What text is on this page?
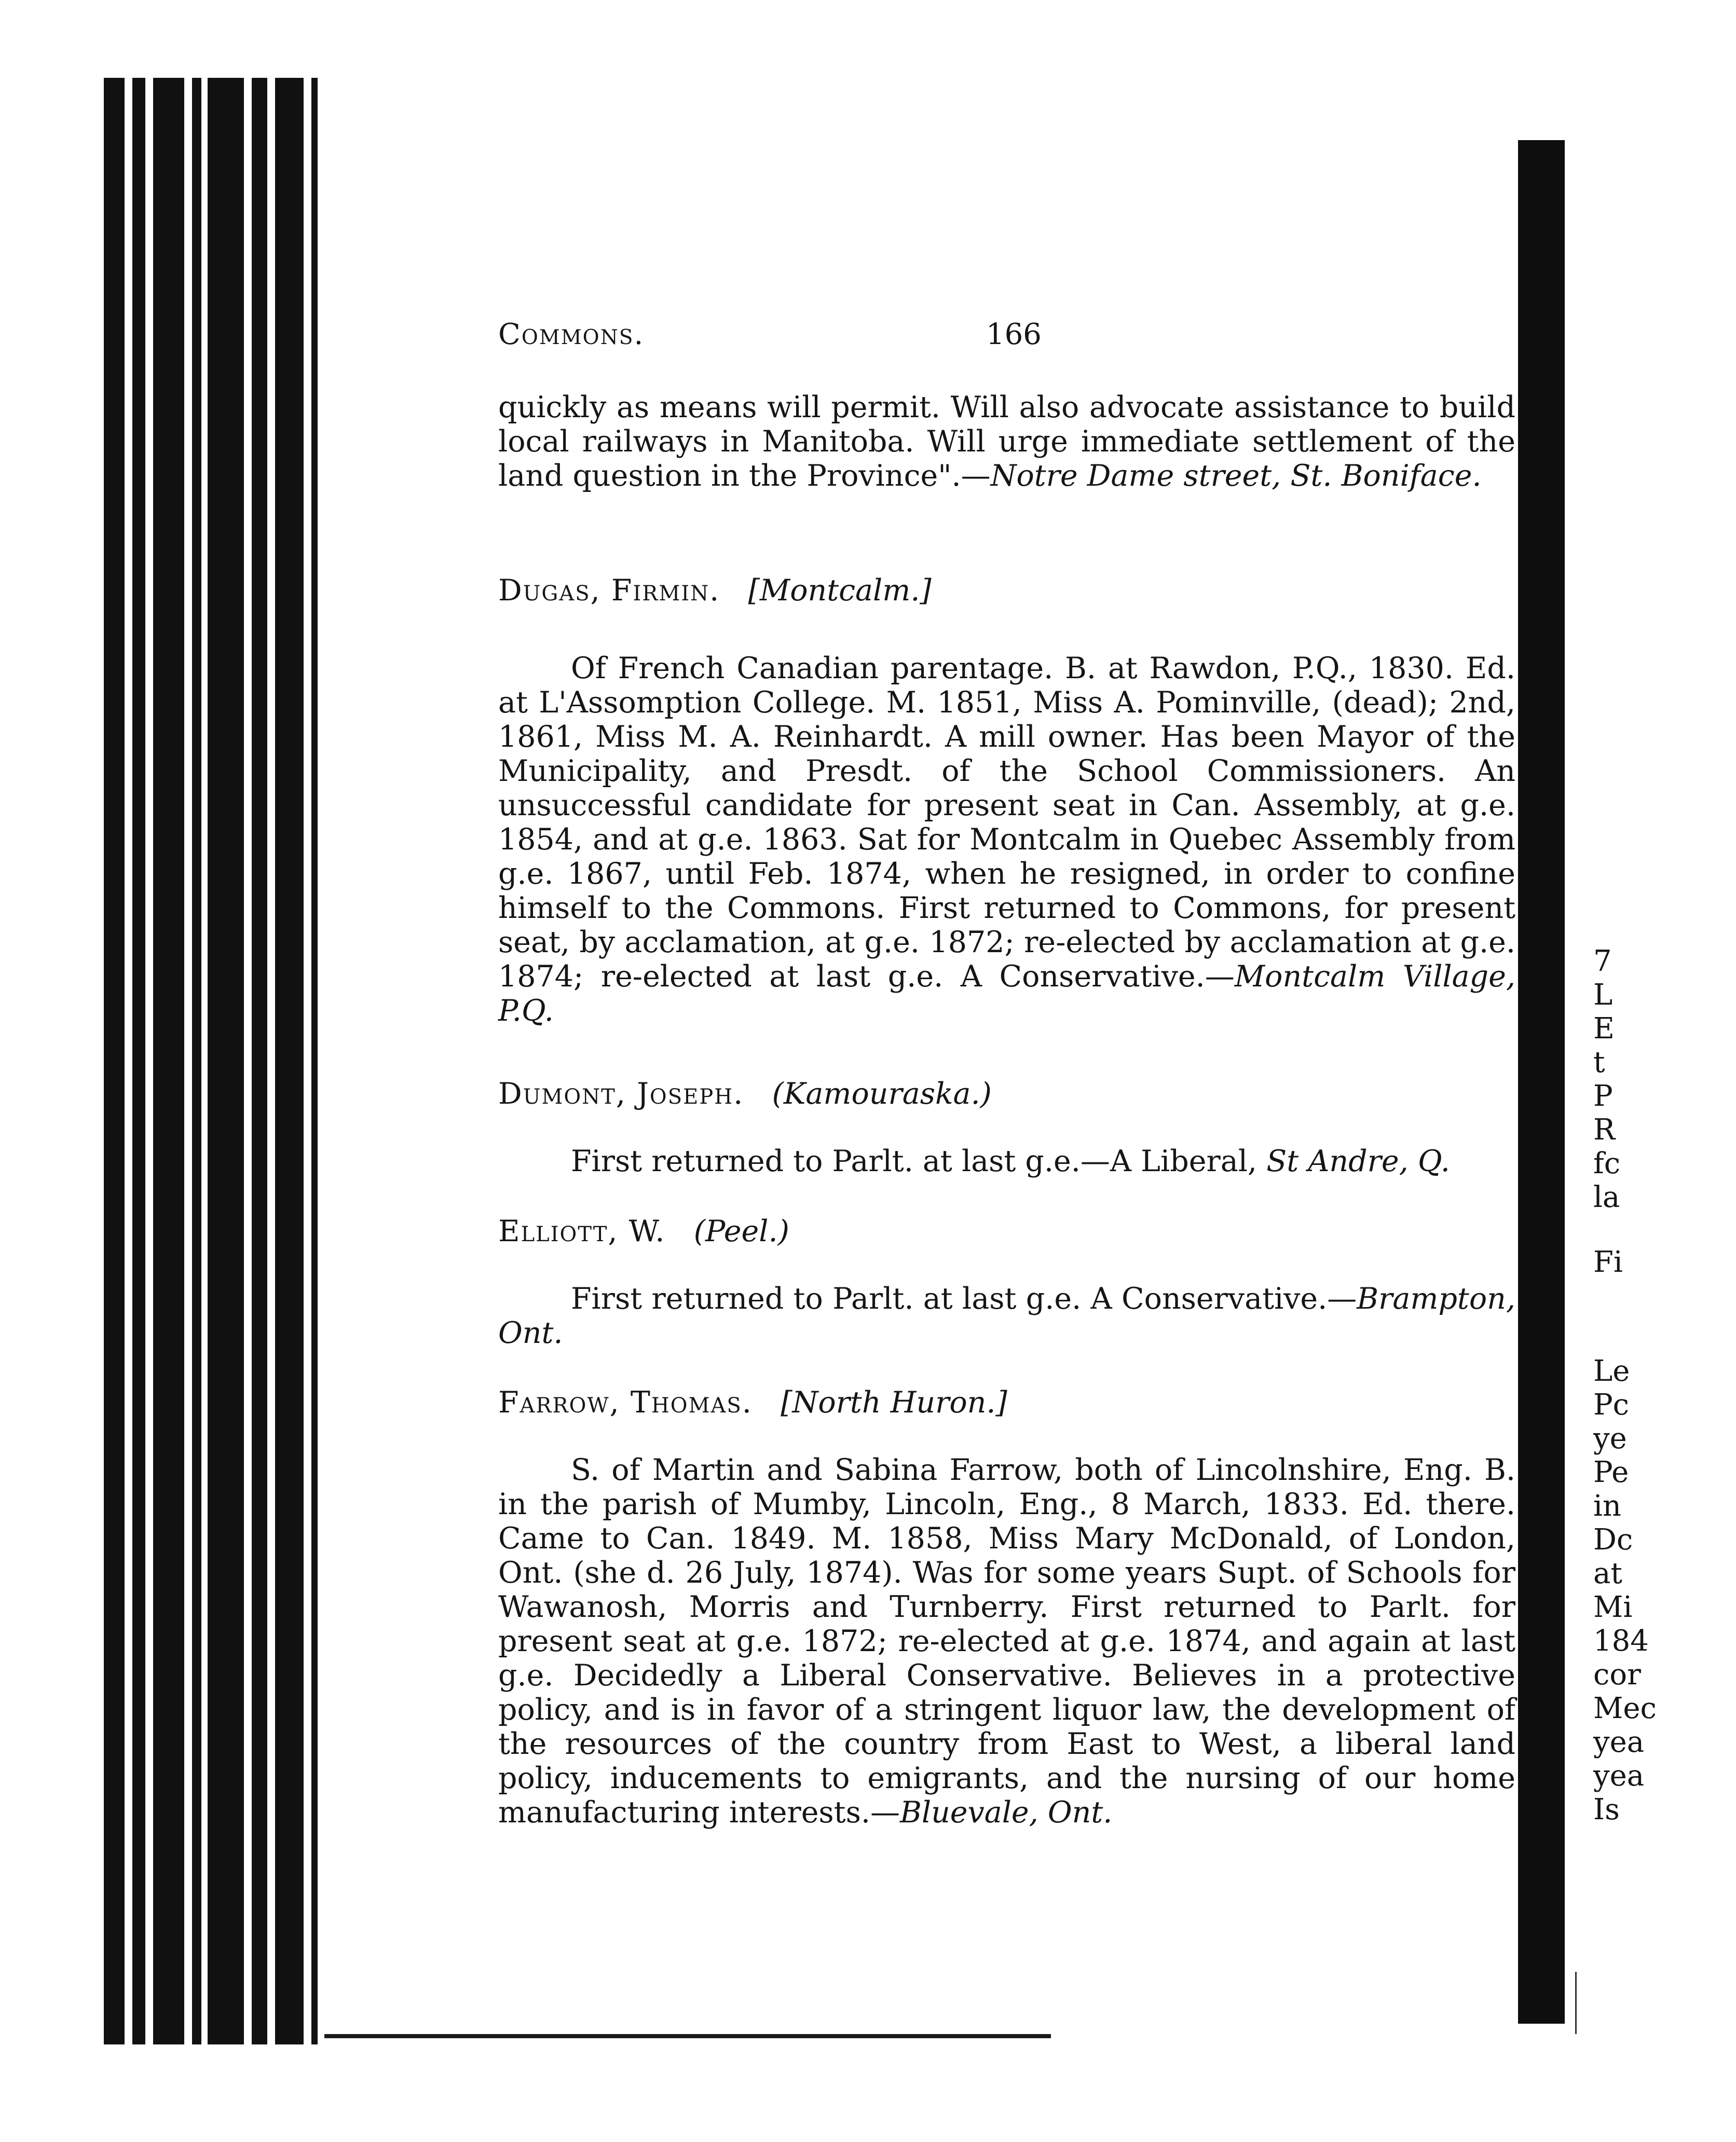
Commons.	166

quickly as means will permit. Will also advocate assistance to build local railways in Manitoba. Will urge immediate settlement of the land question in the Province".—Notre Dame street, St. Boniface.

Dugas, Firmin. [Montcalm.]

Of French Canadian parentage. B. at Rawdon, P.Q., 1830. Ed. at L'Assomption College. M. 1851, Miss A. Pominville, (dead); 2nd, 1861, Miss M. A. Reinhardt. A mill owner. Has been Mayor of the Municipality, and Presdt. of the School Commissioners. An unsuccessful candidate for present seat in Can. Assembly, at g.e. 1854, and at g.e. 1863. Sat for Montcalm in Quebec Assembly from g.e. 1867, until Feb. 1874, when he resigned, in order to confine himself to the Commons. First returned to Commons, for present seat, by acclamation, at g.e. 1872; re-elected by acclamation at g.e. 1874; re-elected at last g.e. A Conservative.—Montcalm Village, P.Q.

Dumont, Joseph. (Kamouraska.)

First returned to Parlt. at last g.e.—A Liberal, St Andre, Q.

Elliott, W. (Peel.)

First returned to Parlt. at last g.e. A Conservative.—Brampton, Ont.

Farrow, Thomas. [North Huron.]

S. of Martin and Sabina Farrow, both of Lincolnshire, Eng. B. in the parish of Mumby, Lincoln, Eng., 8 March, 1833. Ed. there. Came to Can. 1849. M. 1858, Miss Mary McDonald, of London, Ont. (she d. 26 July, 1874). Was for some years Supt. of Schools for Wawanosh, Morris and Turnberry. First returned to Parlt. for present seat at g.e. 1872; re-elected at g.e. 1874, and again at last g.e. Decidedly a Liberal Conservative. Believes in a protective policy, and is in favor of a stringent liquor law, the development of the resources of the country from East to West, a liberal land policy, inducements to emigrants, and the nursing of our home manufacturing interests.—Bluevale, Ont.

7
L
E
t
P
R
fc
la
Fi
Le
Pc
ye
Pe
in
Dc
at
Mi
184
cor
Mec
yea
yea
Is
